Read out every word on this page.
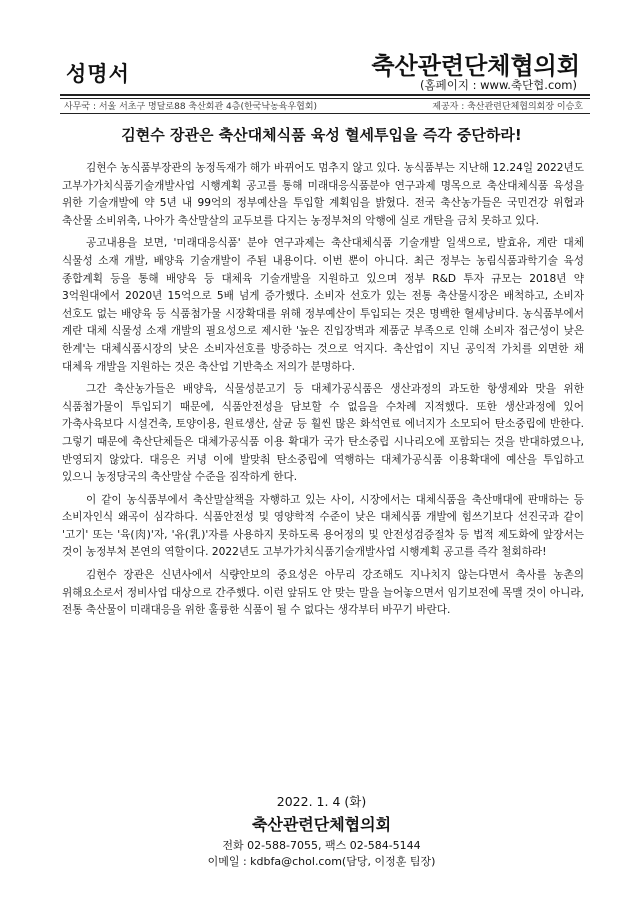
성명서	축산관련단체협의회
(홈페이지 : www.축단협.com)
사무국 : 서울 서초구 명달로88 축산회관 4층(한국낙농육우협회)	제공자 : 축산관련단체협의회장 이승호
김현수 장관은 축산대체식품 육성 혈세투입을 즉각 중단하라!

김현수 농식품부장관의 농정독재가 해가 바뀌어도 멈추지 않고 있다. 농식품부는 지난해 12.24일 2022년도 고부가가치식품기술개발사업 시행계획 공고를 통해 미래대응식품분야 연구과제 명목으로 축산대체식품 육성을 위한 기술개발에 약 5년 내 99억의 정부예산을 투입할 계획임을 밝혔다. 전국 축산농가들은 국민건강 위협과 축산물 소비위축, 나아가 축산말살의 교두보를 다지는 농정부처의 악행에 실로 개탄을 금치 못하고 있다.

공고내용을 보면, '미래대응식품' 분야 연구과제는 축산대체식품 기술개발 일색으로, 발효유, 계란 대체 식물성 소재 개발, 배양육 기술개발이 주된 내용이다. 이번 뿐이 아니다. 최근 정부는 농림식품과학기술 육성 종합계획 등을 통해 배양육 등 대체육 기술개발을 지원하고 있으며 정부 R&D 투자 규모는 2018년 약 3억원대에서 2020년 15억으로 5배 넘게 증가했다. 소비자 선호가 있는 전통 축산물시장은 배척하고, 소비자 선호도 없는 배양육 등 식품첨가물 시장확대를 위해 정부예산이 투입되는 것은 명백한 혈세낭비다. 농식품부에서 계란 대체 식물성 소재 개발의 필요성으로 제시한 '높은 진입장벽과 제품군 부족으로 인해 소비자 접근성이 낮은 한계'는 대체식품시장의 낮은 소비자선호를 방증하는 것으로 억지다. 축산업이 지닌 공익적 가치를 외면한 채 대체육 개발을 지원하는 것은 축산업 기반축소 저의가 분명하다.

그간 축산농가들은 배양육, 식물성분고기 등 대체가공식품은 생산과정의 과도한 항생제와 맛을 위한 식품첨가물이 투입되기 때문에, 식품안전성을 담보할 수 없음을 수차례 지적했다. 또한 생산과정에 있어 가축사육보다 시설건축, 토양이용, 원료생산, 살균 등 훨씬 많은 화석연료 에너지가 소모되어 탄소중립에 반한다. 그렇기 때문에 축산단체들은 대체가공식품 이용 확대가 국가 탄소중립 시나리오에 포함되는 것을 반대하였으나, 반영되지 않았다. 대응은 커녕 이에 발맞춰 탄소중립에 역행하는 대체가공식품 이용확대에 예산을 투입하고 있으니 농정당국의 축산말살 수준을 짐작하게 한다.

이 같이 농식품부에서 축산말살책을 자행하고 있는 사이, 시장에서는 대체식품을 축산매대에 판매하는 등 소비자인식 왜곡이 심각하다. 식품안전성 및 영양학적 수준이 낮은 대체식품 개발에 힘쓰기보다 선진국과 같이 '고기' 또는 '육(肉)'자, '유(乳)'자를 사용하지 못하도록 용어정의 및 안전성검증절차 등 법적 제도화에 앞장서는 것이 농정부처 본연의 역할이다. 2022년도 고부가가치식품기술개발사업 시행계획 공고를 즉각 철회하라!

김현수 장관은 신년사에서 식량안보의 중요성은 아무리 강조해도 지나치지 않는다면서 축사를 농촌의 위해요소로서 정비사업 대상으로 간주했다. 이런 앞뒤도 안 맞는 말을 늘어놓으면서 임기보전에 목맬 것이 아니라, 전통 축산물이 미래대응을 위한 훌륭한 식품이 될 수 없다는 생각부터 바꾸기 바란다.

2022. 1. 4 (화)
축산관련단체협의회
전화 02-588-7055, 팩스 02-584-5144
이메일 : kdbfa@chol.com(담당, 이정훈 팀장)
